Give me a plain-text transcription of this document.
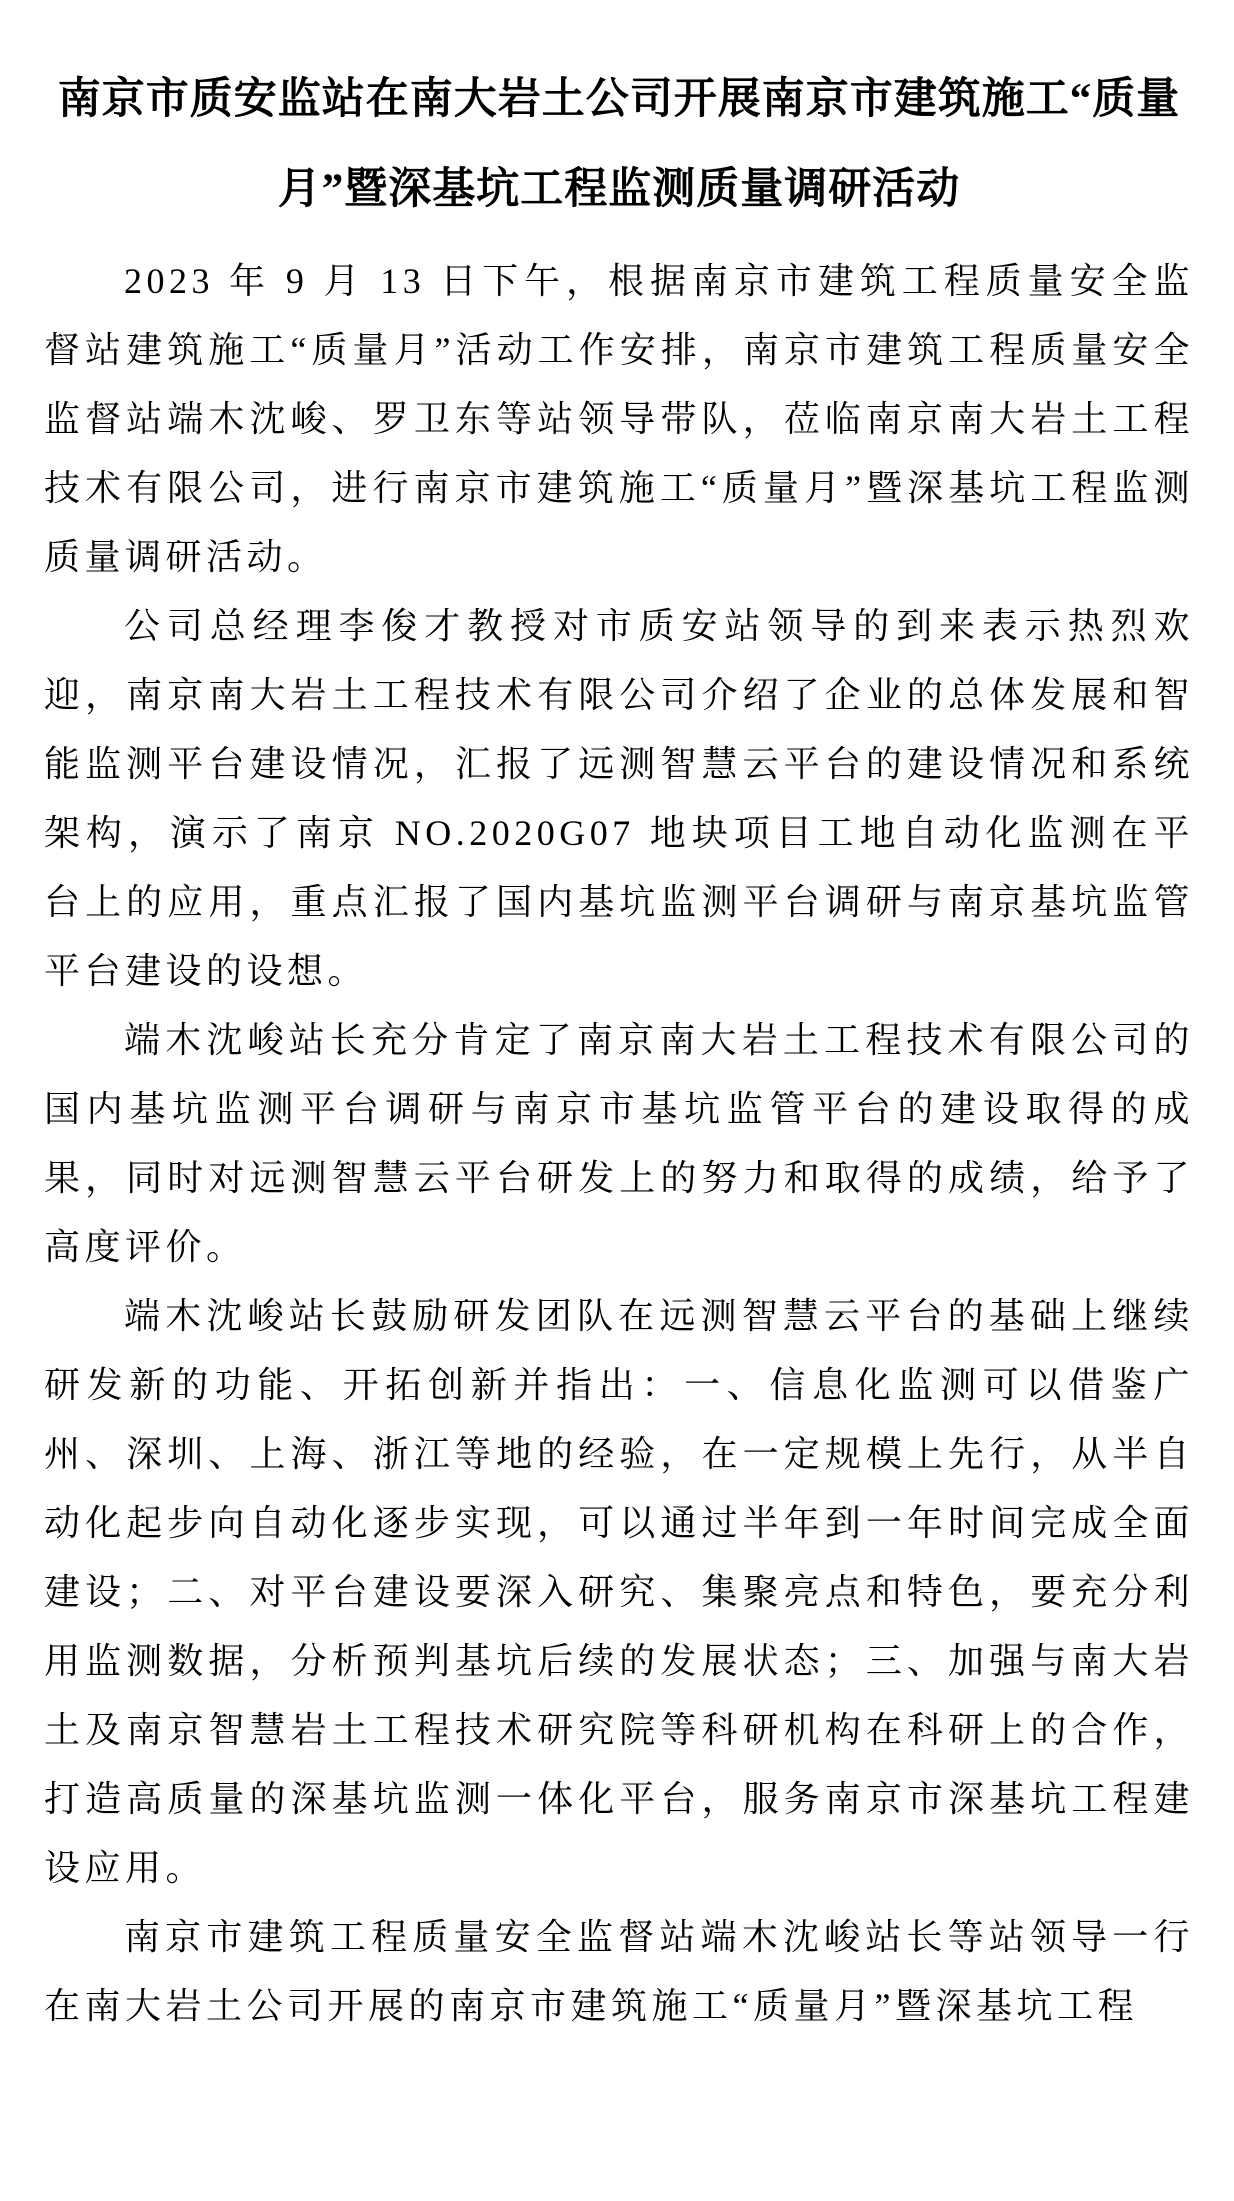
南京市质安监站在南大岩土公司开展南京市建筑施工“质量月”暨深基坑工程监测质量调研活动

2023 年 9 月 13 日下午，根据南京市建筑工程质量安全监督站建筑施工“质量月”活动工作安排，南京市建筑工程质量安全监督站端木沈峻、罗卫东等站领导带队，莅临南京南大岩土工程技术有限公司，进行南京市建筑施工“质量月”暨深基坑工程监测质量调研活动。

公司总经理李俊才教授对市质安站领导的到来表示热烈欢迎，南京南大岩土工程技术有限公司介绍了企业的总体发展和智能监测平台建设情况，汇报了远测智慧云平台的建设情况和系统架构，演示了南京 NO.2020G07 地块项目工地自动化监测在平台上的应用，重点汇报了国内基坑监测平台调研与南京基坑监管平台建设的设想。

端木沈峻站长充分肯定了南京南大岩土工程技术有限公司的国内基坑监测平台调研与南京市基坑监管平台的建设取得的成果，同时对远测智慧云平台研发上的努力和取得的成绩，给予了高度评价。

端木沈峻站长鼓励研发团队在远测智慧云平台的基础上继续研发新的功能、开拓创新并指出：一、信息化监测可以借鉴广州、深圳、上海、浙江等地的经验，在一定规模上先行，从半自动化起步向自动化逐步实现，可以通过半年到一年时间完成全面建设；二、对平台建设要深入研究、集聚亮点和特色，要充分利用监测数据，分析预判基坑后续的发展状态；三、加强与南大岩土及南京智慧岩土工程技术研究院等科研机构在科研上的合作，打造高质量的深基坑监测一体化平台，服务南京市深基坑工程建设应用。

南京市建筑工程质量安全监督站端木沈峻站长等站领导一行在南大岩土公司开展的南京市建筑施工“质量月”暨深基坑工程
